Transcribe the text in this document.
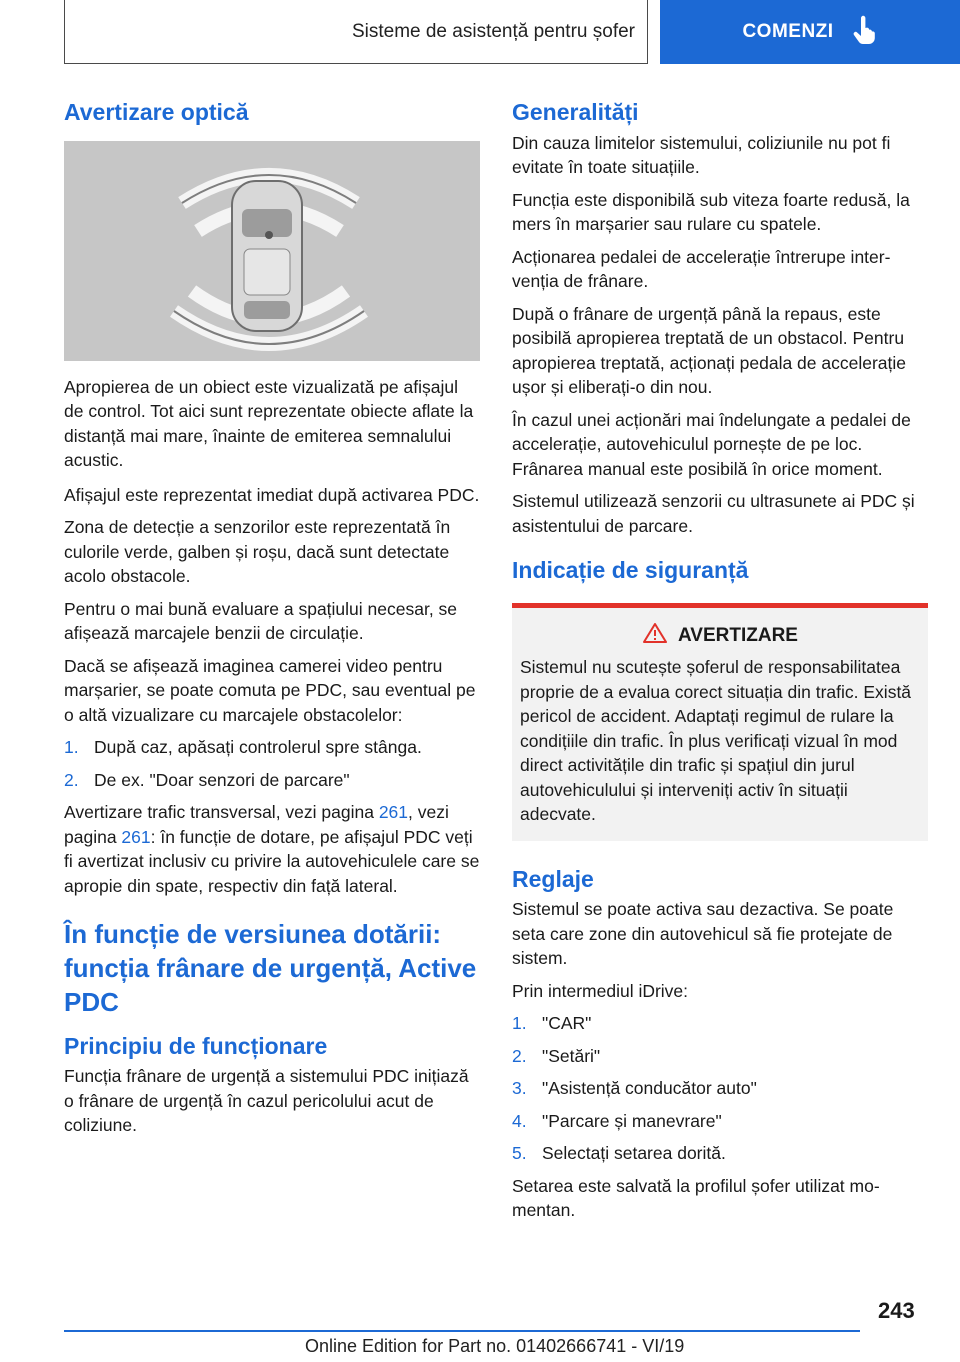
Sisteme de asistență pentru șofer	COMENZI
Avertizare optică

Apropierea de un obiect este vizualizată pe afișajul de control. Tot aici sunt reprezentate obiecte aflate la distanță mai mare, înainte de emiterea semnalului acustic.

Afișajul este reprezentat imediat după activarea PDC.

Zona de detecție a senzorilor este reprezentată în culorile verde, galben și roșu, dacă sunt detectate acolo obstacole.

Pentru o mai bună evaluare a spațiului necesar, se afișează marcajele benzii de circulație.

Dacă se afișează imaginea camerei video pentru marșarier, se poate comuta pe PDC, sau eventual pe o altă vizualizare cu marcajele obstacolelor:

1. După caz, apăsați controlerul spre stânga.
2. De ex. "Doar senzori de parcare"

Avertizare trafic transversal, vezi pagina 261, vezi pagina 261: în funcție de dotare, pe afișajul PDC veți fi avertizat inclusiv cu privire la autovehiculele care se apropie din spate, respectiv din față lateral.

În funcție de versiunea dotării: funcția frânare de urgență, Active PDC
Principiu de funcționare

Funcția frânare de urgență a sistemului PDC inițiază o frânare de urgență în cazul pericolului acut de coliziune.

Generalități

Din cauza limitelor sistemului, coliziunile nu pot fi evitate în toate situațiile.

Funcția este disponibilă sub viteza foarte redusă, la mers în marșarier sau rulare cu spatele.

Acționarea pedalei de accelerație întrerupe intervenția de frânare.

După o frânare de urgență până la repaus, este posibilă apropierea treptată de un obstacol. Pentru apropierea treptată, acționați pedala de accelerație ușor și eliberați-o din nou.

În cazul unei acționări mai îndelungate a pedalei de accelerație, autovehiculul pornește de pe loc. Frânarea manual este posibilă în orice moment.

Sistemul utilizează senzorii cu ultrasunete ai PDC și asistentului de parcare.

Indicație de siguranță
AVERTIZARE

Sistemul nu scutește șoferul de responsabilitatea proprie de a evalua corect situația din trafic. Există pericol de accident. Adaptați regimul de rulare la condițiile din trafic. În plus verificați vizual în mod direct activitățile din trafic și spațiul din jurul autovehiculului și interveniți activ în situații adecvate.

Reglaje

Sistemul se poate activa sau dezactiva. Se poate seta care zone din autovehicul să fie protejate de sistem.

Prin intermediul iDrive:

1. "CAR"
2. "Setări"
3. "Asistență conducător auto"
4. "Parcare și manevrare"
5. Selectați setarea dorită.

Setarea este salvată la profilul șofer utilizat momentan.

243
Online Edition for Part no. 01402666741 - VI/19
